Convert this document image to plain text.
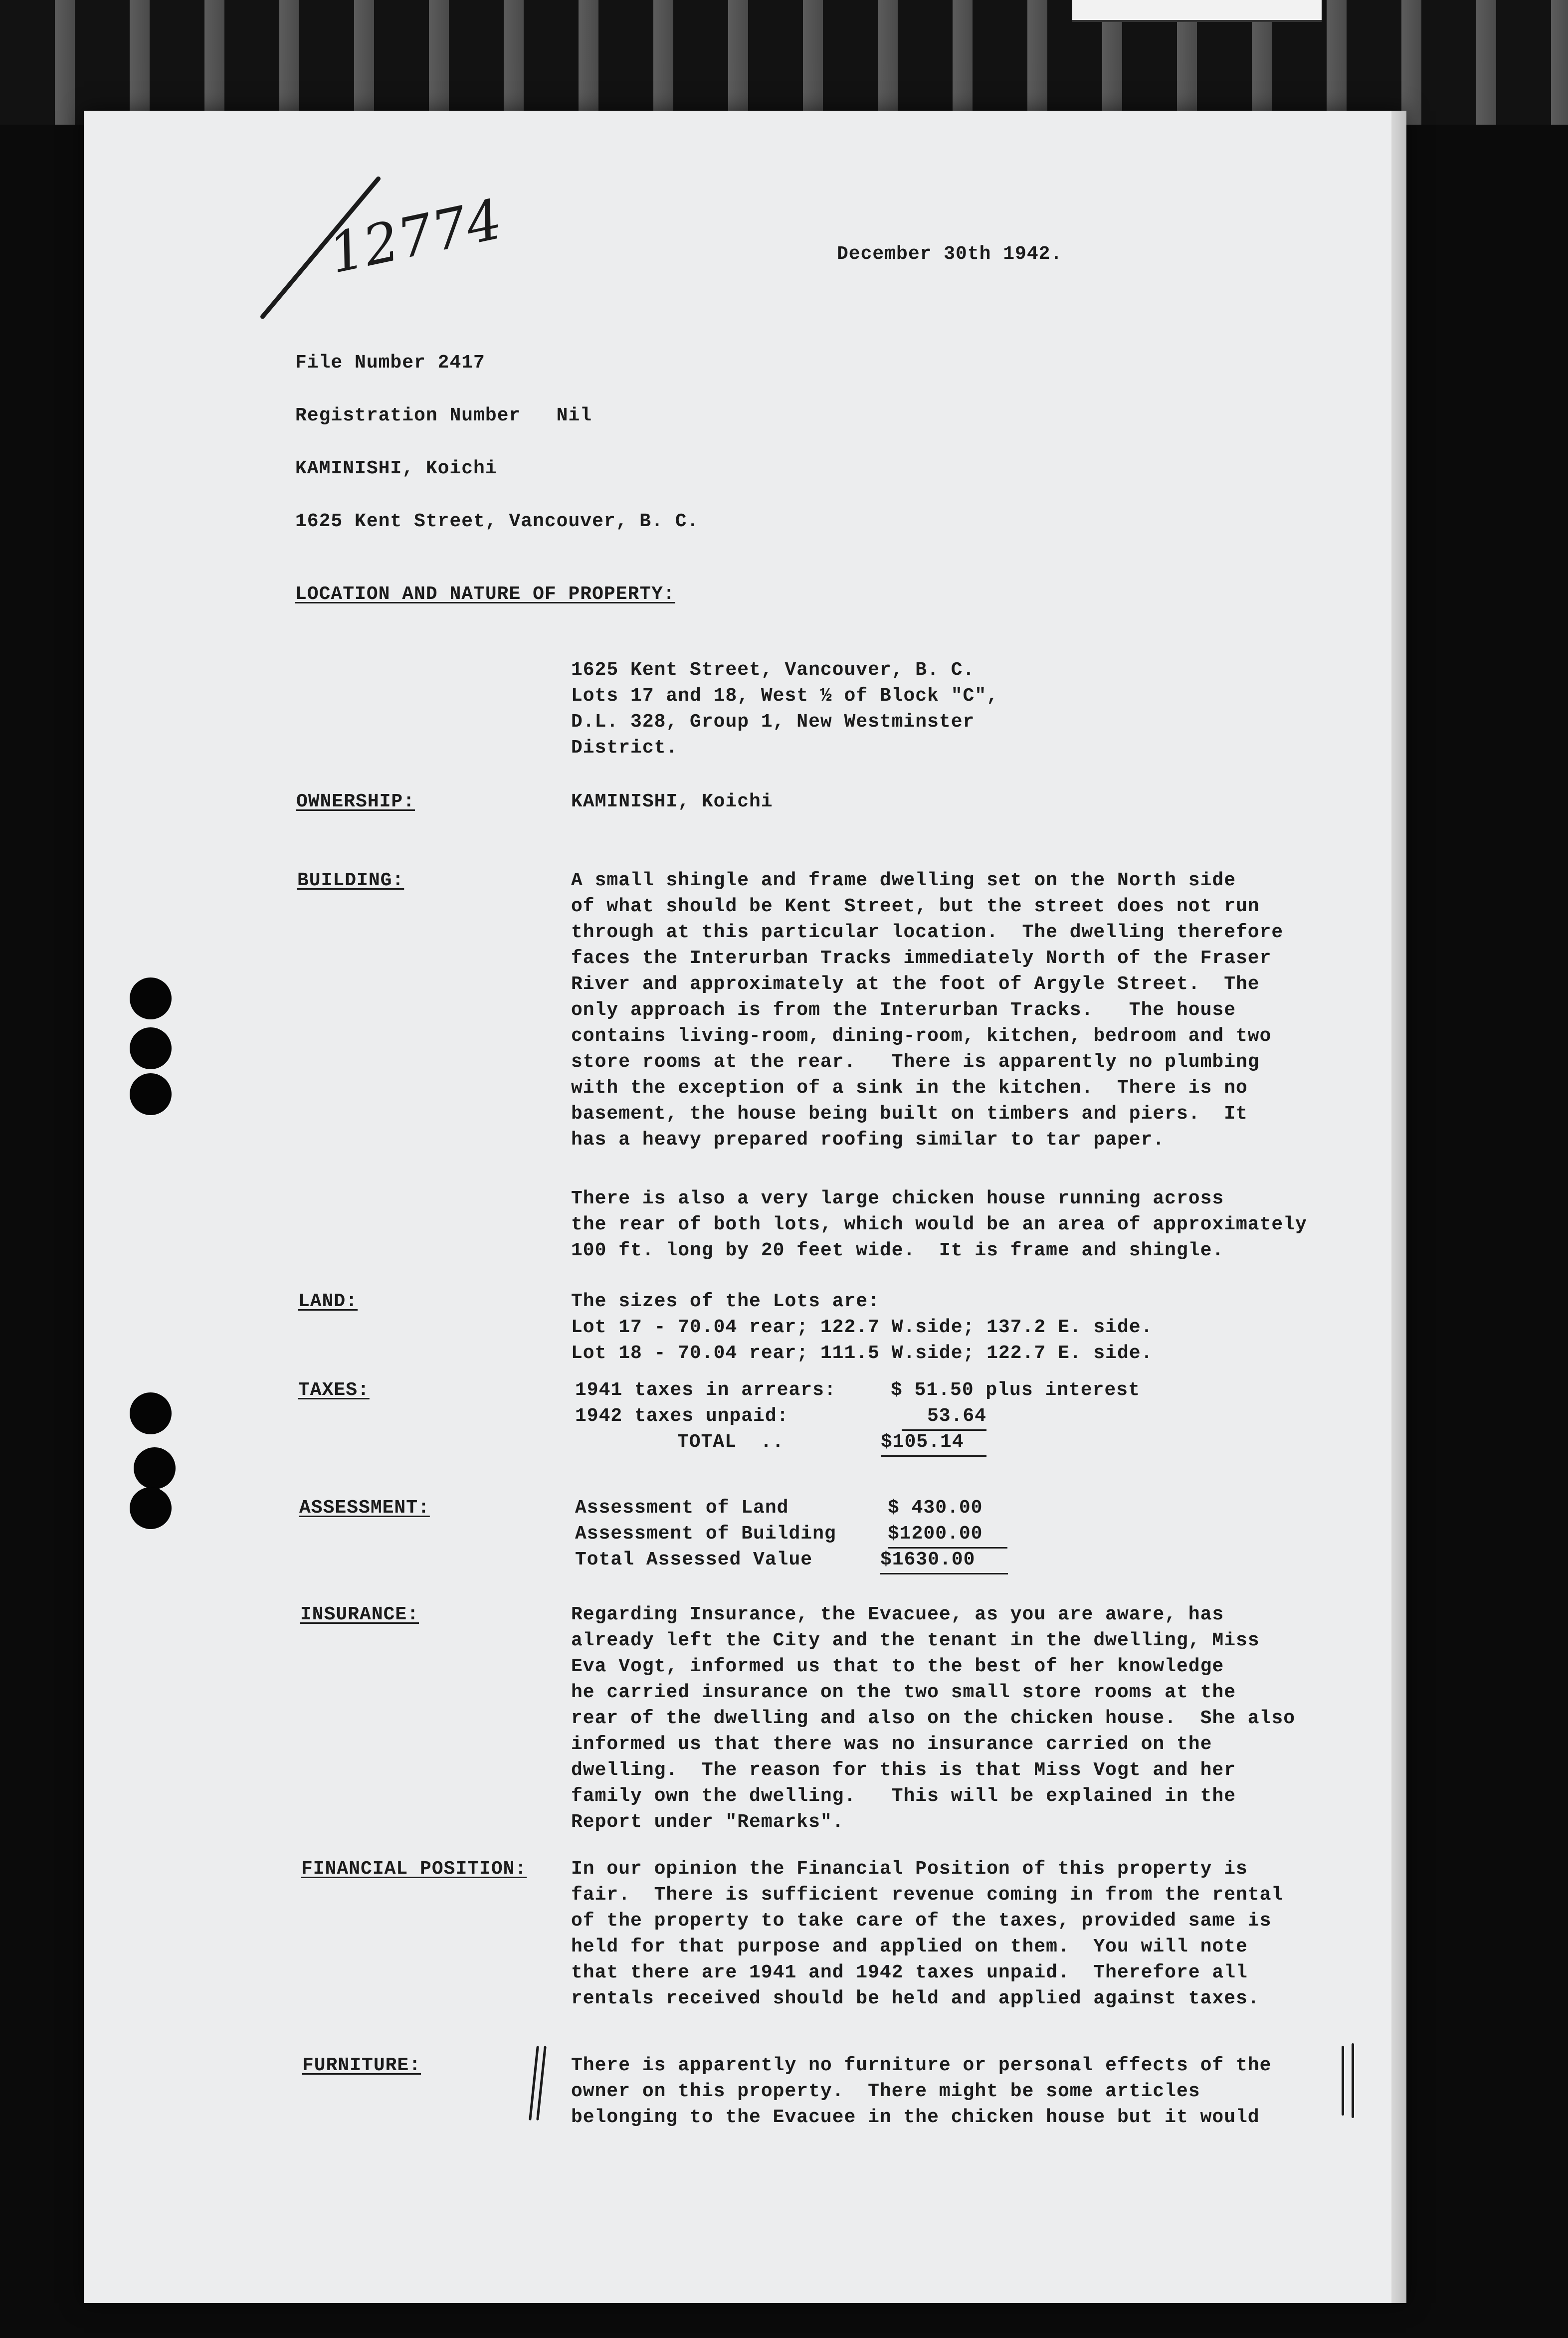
12774	December 30th 1942.
File Number 2417
Registration Number   Nil
KAMINISHI, Koichi
1625 Kent Street, Vancouver, B. C.
LOCATION AND NATURE OF PROPERTY:
1625 Kent Street, Vancouver, B. C.
Lots 17 and 18, West ½ of Block "C",
D.L. 328, Group 1, New Westminster
District.
OWNERSHIP:	KAMINISHI, Koichi
BUILDING:	A small shingle and frame dwelling set on the North side
of what should be Kent Street, but the street does not run
through at this particular location.  The dwelling therefore
faces the Interurban Tracks immediately North of the Fraser
River and approximately at the foot of Argyle Street.  The
only approach is from the Interurban Tracks.   The house
contains living-room, dining-room, kitchen, bedroom and two
store rooms at the rear.   There is apparently no plumbing
with the exception of a sink in the kitchen.  There is no
basement, the house being built on timbers and piers.  It
has a heavy prepared roofing similar to tar paper.
There is also a very large chicken house running across
the rear of both lots, which would be an area of approximately
100 ft. long by 20 feet wide.  It is frame and shingle.
LAND:	The sizes of the Lots are:
Lot 17 - 70.04 rear; 122.7 W.side; 137.2 E. side.
Lot 18 - 70.04 rear; 111.5 W.side; 122.7 E. side.
TAXES:	1941 taxes in arrears:	$ 51.50 plus interest
1942 taxes unpaid:	53.64
TOTAL  ..	$105.14
ASSESSMENT:	Assessment of Land	$ 430.00
Assessment of Building	$1200.00
Total Assessed Value	$1630.00
INSURANCE:	Regarding Insurance, the Evacuee, as you are aware, has
already left the City and the tenant in the dwelling, Miss
Eva Vogt, informed us that to the best of her knowledge
he carried insurance on the two small store rooms at the
rear of the dwelling and also on the chicken house.  She also
informed us that there was no insurance carried on the
dwelling.  The reason for this is that Miss Vogt and her
family own the dwelling.   This will be explained in the
Report under "Remarks".
FINANCIAL POSITION: In our opinion the Financial Position of this property is
fair.  There is sufficient revenue coming in from the rental
of the property to take care of the taxes, provided same is
held for that purpose and applied on them.  You will note
that there are 1941 and 1942 taxes unpaid.  Therefore all
rentals received should be held and applied against taxes.
FURNITURE:	There is apparently no furniture or personal effects of the
owner on this property.  There might be some articles
belonging to the Evacuee in the chicken house but it would
